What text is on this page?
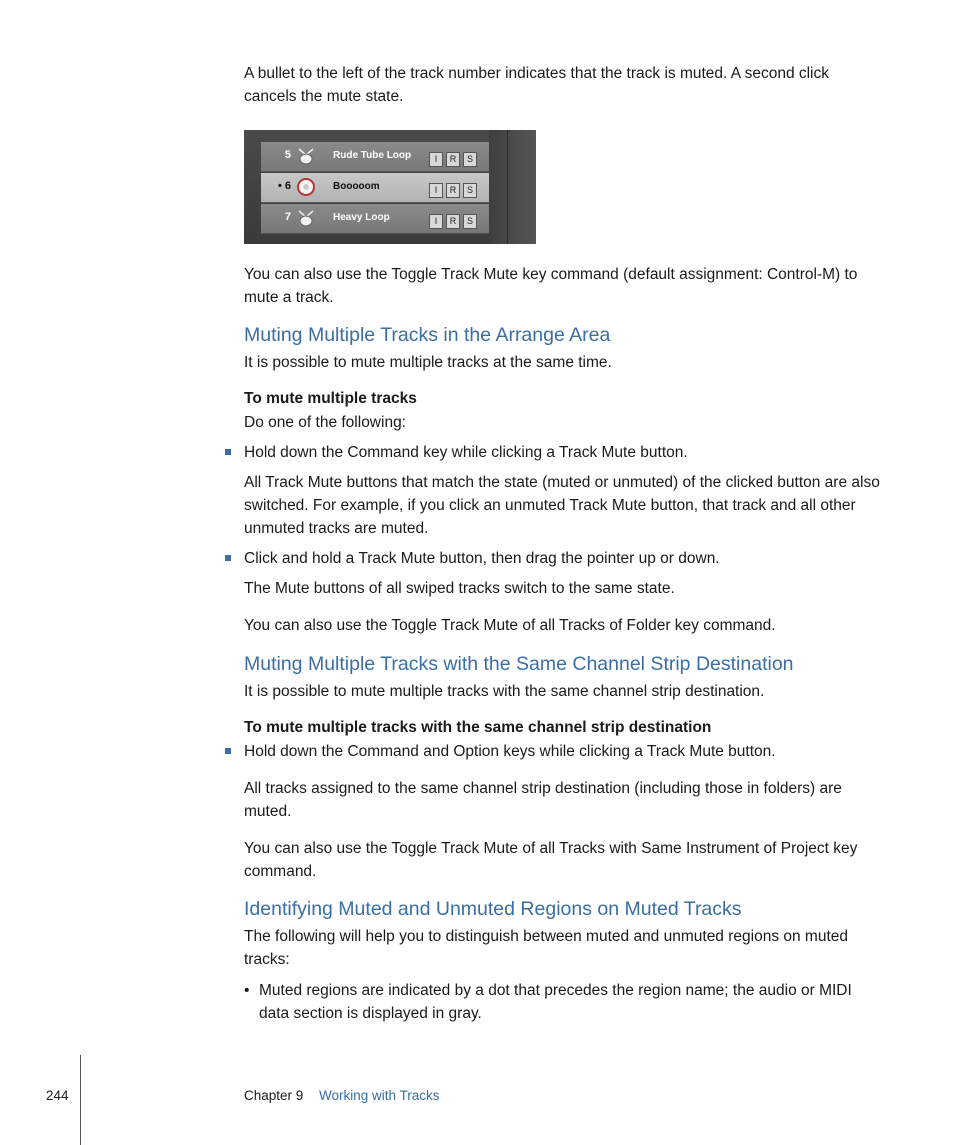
A bullet to the left of the track number indicates that the track is muted. A second click cancels the mute state.

5	Rude Tube Loop	I R S
• 6	Booooom	I R S
7	Heavy Loop	I R S

You can also use the Toggle Track Mute key command (default assignment: Control-M) to mute a track.

Muting Multiple Tracks in the Arrange Area

It is possible to mute multiple tracks at the same time.

To mute multiple tracks

Do one of the following:

Hold down the Command key while clicking a Track Mute button.

All Track Mute buttons that match the state (muted or unmuted) of the clicked button are also switched. For example, if you click an unmuted Track Mute button, that track and all other unmuted tracks are muted.

Click and hold a Track Mute button, then drag the pointer up or down.

The Mute buttons of all swiped tracks switch to the same state.

You can also use the Toggle Track Mute of all Tracks of Folder key command.

Muting Multiple Tracks with the Same Channel Strip Destination

It is possible to mute multiple tracks with the same channel strip destination.

To mute multiple tracks with the same channel strip destination

Hold down the Command and Option keys while clicking a Track Mute button.

All tracks assigned to the same channel strip destination (including those in folders) are muted.

You can also use the Toggle Track Mute of all Tracks with Same Instrument of Project key command.

Identifying Muted and Unmuted Regions on Muted Tracks

The following will help you to distinguish between muted and unmuted regions on muted tracks:

• Muted regions are indicated by a dot that precedes the region name; the audio or MIDI data section is displayed in gray.

244	Chapter 9 Working with Tracks
